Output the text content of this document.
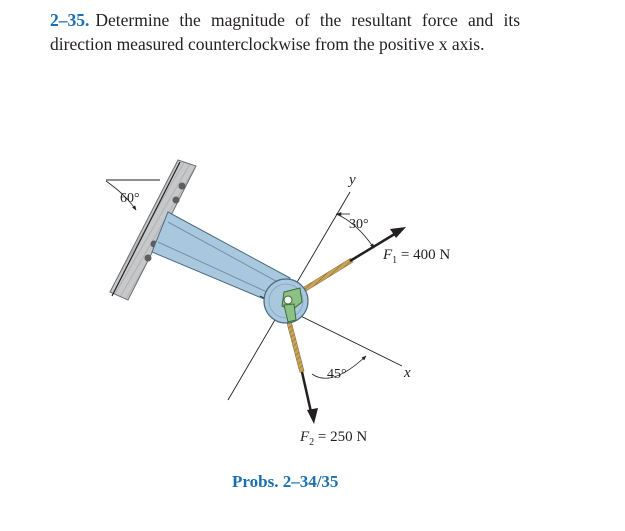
2–35. Determine the magnitude of the resultant force and its direction measured counterclockwise from the positive x axis.
60°
y
x
$F_1 = 400$ N
30°
$F_2 = 250$ N
45°
Probs. 2–34/35
